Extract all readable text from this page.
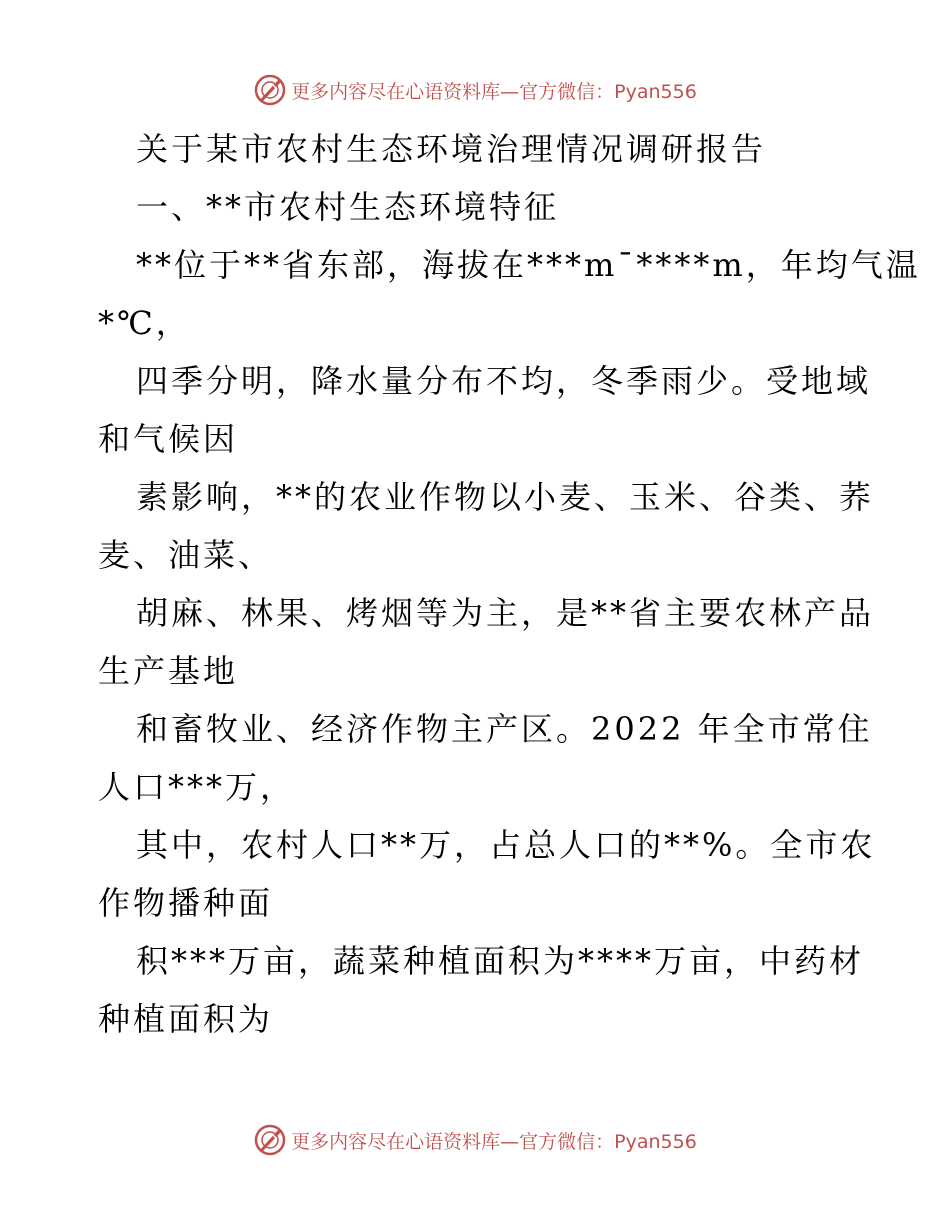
更多内容尽在心语资料库—官方微信：Pyan556
关于某市农村生态环境治理情况调研报告
一、**市农村生态环境特征
**位于**省东部，海拔在***m¯****m，年均气温
*℃，
四季分明，降水量分布不均，冬季雨少。受地域
和气候因
素影响，**的农业作物以小麦、玉米、谷类、荞
麦、油菜、
胡麻、林果、烤烟等为主，是**省主要农林产品
生产基地
和畜牧业、经济作物主产区。2022 年全市常住
人口***万，
其中，农村人口**万，占总人口的**%。全市农
作物播种面
积***万亩，蔬菜种植面积为****万亩，中药材
种植面积为
更多内容尽在心语资料库—官方微信：Pyan556
